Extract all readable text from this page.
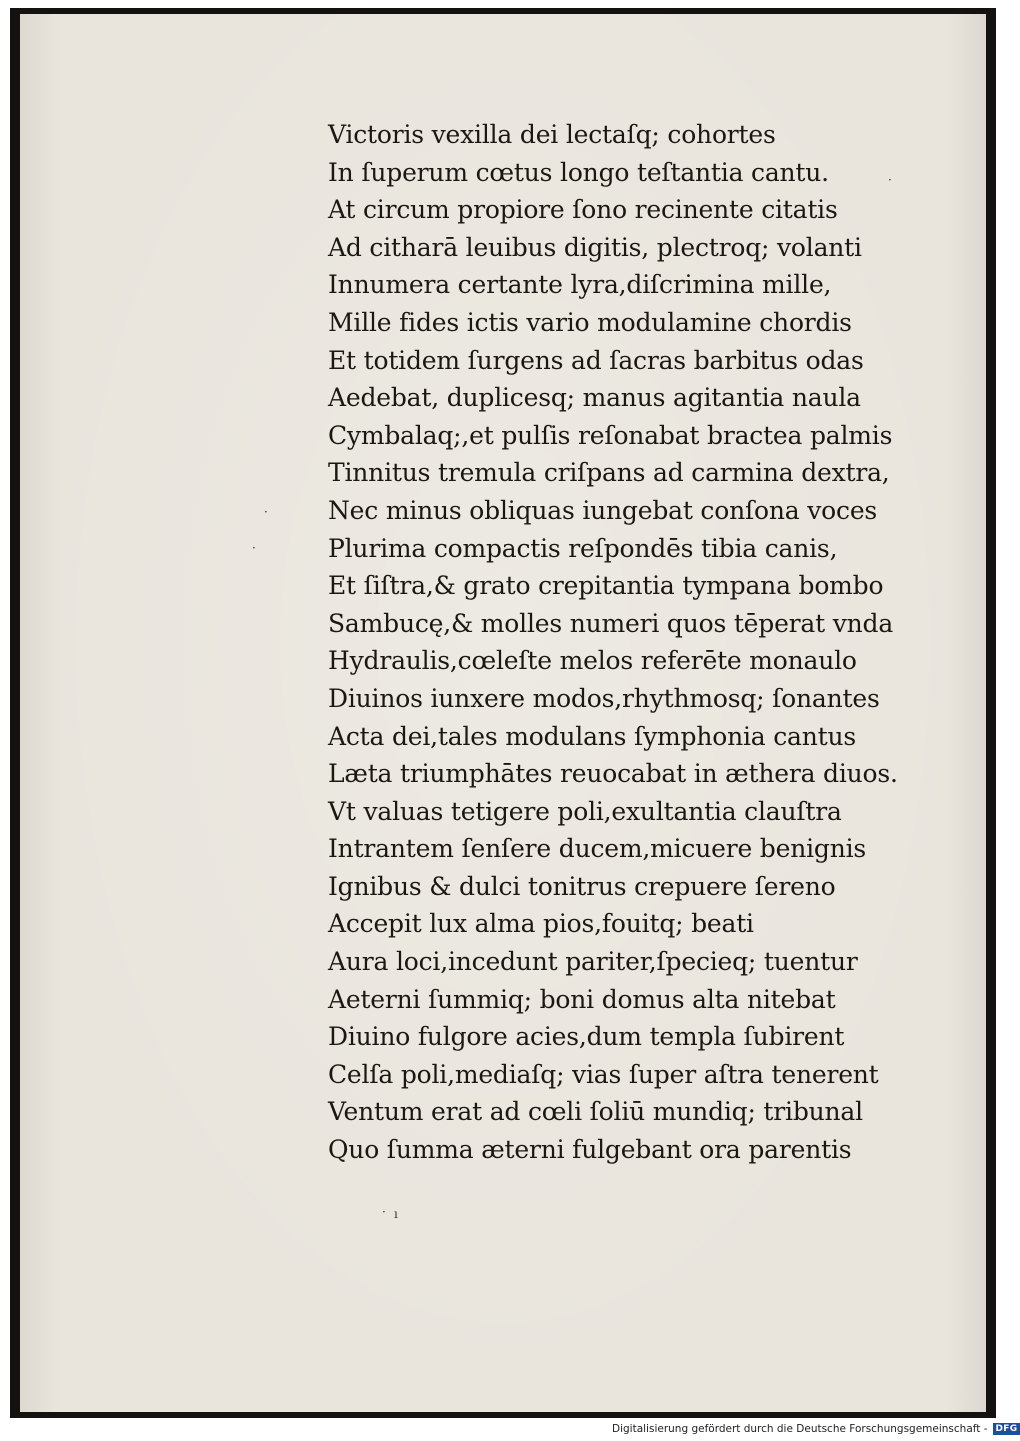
Victoris vexilla dei lectaſq; cohortes
In ſuperum cœtus longo teſtantia cantu.
At circum propiore ſono recinente citatis
Ad citharā leuibus digitis, plectroq; volanti
Innumera certante lyra,diſcrimina mille,
Mille fides ictis vario modulamine chordis
Et totidem ſurgens ad ſacras barbitus odas
Aedebat, duplicesq; manus agitantia naula
Cymbalaq;,et pulſis reſonabat bractea palmis
Tinnitus tremula criſpans ad carmina dextra,
Nec minus obliquas iungebat conſona voces
Plurima compactis reſpondēs tibia canis,
Et ſiſtra,& grato crepitantia tympana bombo
Sambucę,& molles numeri quos tēperat vnda
Hydraulis,cœleſte melos referēte monaulo
Diuinos iunxere modos,rhythmosq; ſonantes
Acta dei,tales modulans ſymphonia cantus
Læta triumphātes reuocabat in æthera diuos.
Vt valuas tetigere poli,exultantia clauſtra
Intrantem ſenſere ducem,micuere benignis
Ignibus & dulci tonitrus crepuere ſereno
Accepit lux alma pios,fouitq; beati
Aura loci,incedunt pariter,ſpecieq; tuentur
Aeterni ſummiq; boni domus alta nitebat
Diuino fulgore acies,dum templa ſubirent
Celſa poli,mediaſq; vias ſuper aſtra tenerent
Ventum erat ad cœli ſoliū mundiq; tribunal
Quo ſumma æterni fulgebant ora parentis
·
·
· ı
·
Digitalisierung gefördert durch die Deutsche Forschungsgemeinschaft - DFG
